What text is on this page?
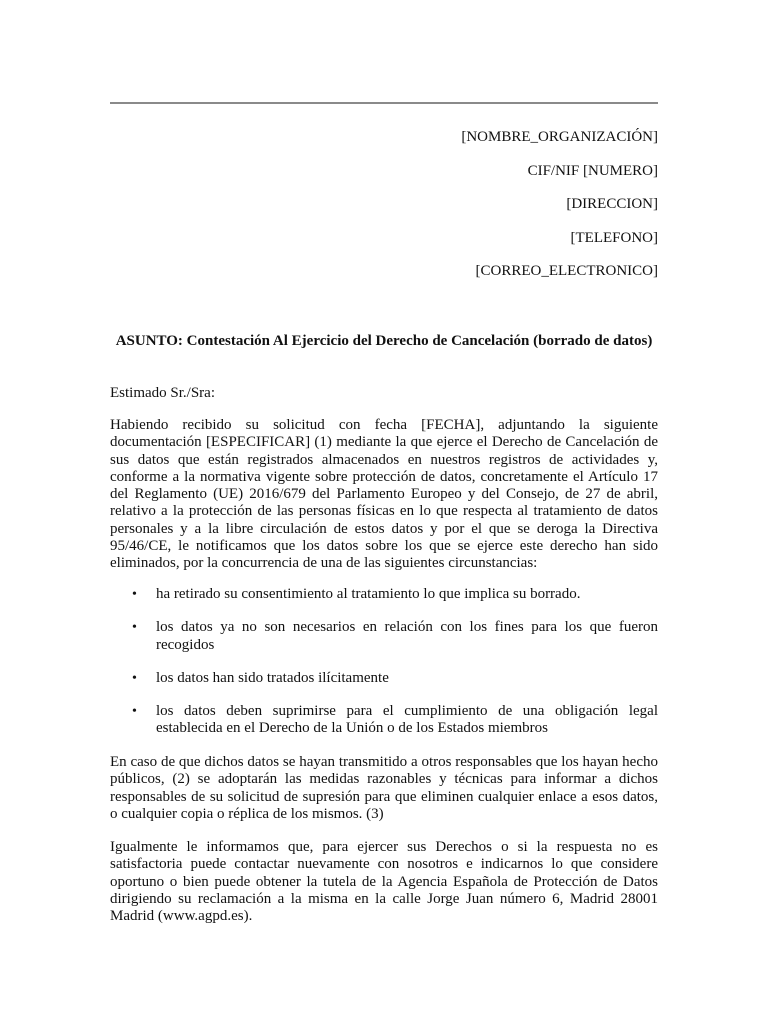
[NOMBRE_ORGANIZACIÓN]
CIF/NIF [NUMERO]
[DIRECCION]
[TELEFONO]
[CORREO_ELECTRONICO]
ASUNTO: Contestación Al Ejercicio del Derecho de Cancelación (borrado de datos)
Estimado Sr./Sra:

Habiendo recibido su solicitud con fecha [FECHA], adjuntando la siguiente documentación [ESPECIFICAR] (1) mediante la que ejerce el Derecho de Cancelación de sus datos que están registrados almacenados en nuestros registros de actividades y, conforme a la normativa vigente sobre protección de datos, concretamente el Artículo 17 del Reglamento (UE) 2016/679 del Parlamento Europeo y del Consejo, de 27 de abril, relativo a la protección de las personas físicas en lo que respecta al tratamiento de datos personales y a la libre circulación de estos datos y por el que se deroga la Directiva 95/46/CE, le notificamos que los datos sobre los que se ejerce este derecho han sido eliminados, por la concurrencia de una de las siguientes circunstancias:

• ha retirado su consentimiento al tratamiento lo que implica su borrado.
• los datos ya no son necesarios en relación con los fines para los que fueron recogidos
• los datos han sido tratados ilícitamente
• los datos deben suprimirse para el cumplimiento de una obligación legal establecida en el Derecho de la Unión o de los Estados miembros

En caso de que dichos datos se hayan transmitido a otros responsables que los hayan hecho públicos, (2) se adoptarán las medidas razonables y técnicas para informar a dichos responsables de su solicitud de supresión para que eliminen cualquier enlace a esos datos, o cualquier copia o réplica de los mismos. (3)

Igualmente le informamos que, para ejercer sus Derechos o si la respuesta no es satisfactoria puede contactar nuevamente con nosotros e indicarnos lo que considere oportuno o bien puede obtener la tutela de la Agencia Española de Protección de Datos dirigiendo su reclamación a la misma en la calle Jorge Juan número 6, Madrid 28001 Madrid (www.agpd.es).
